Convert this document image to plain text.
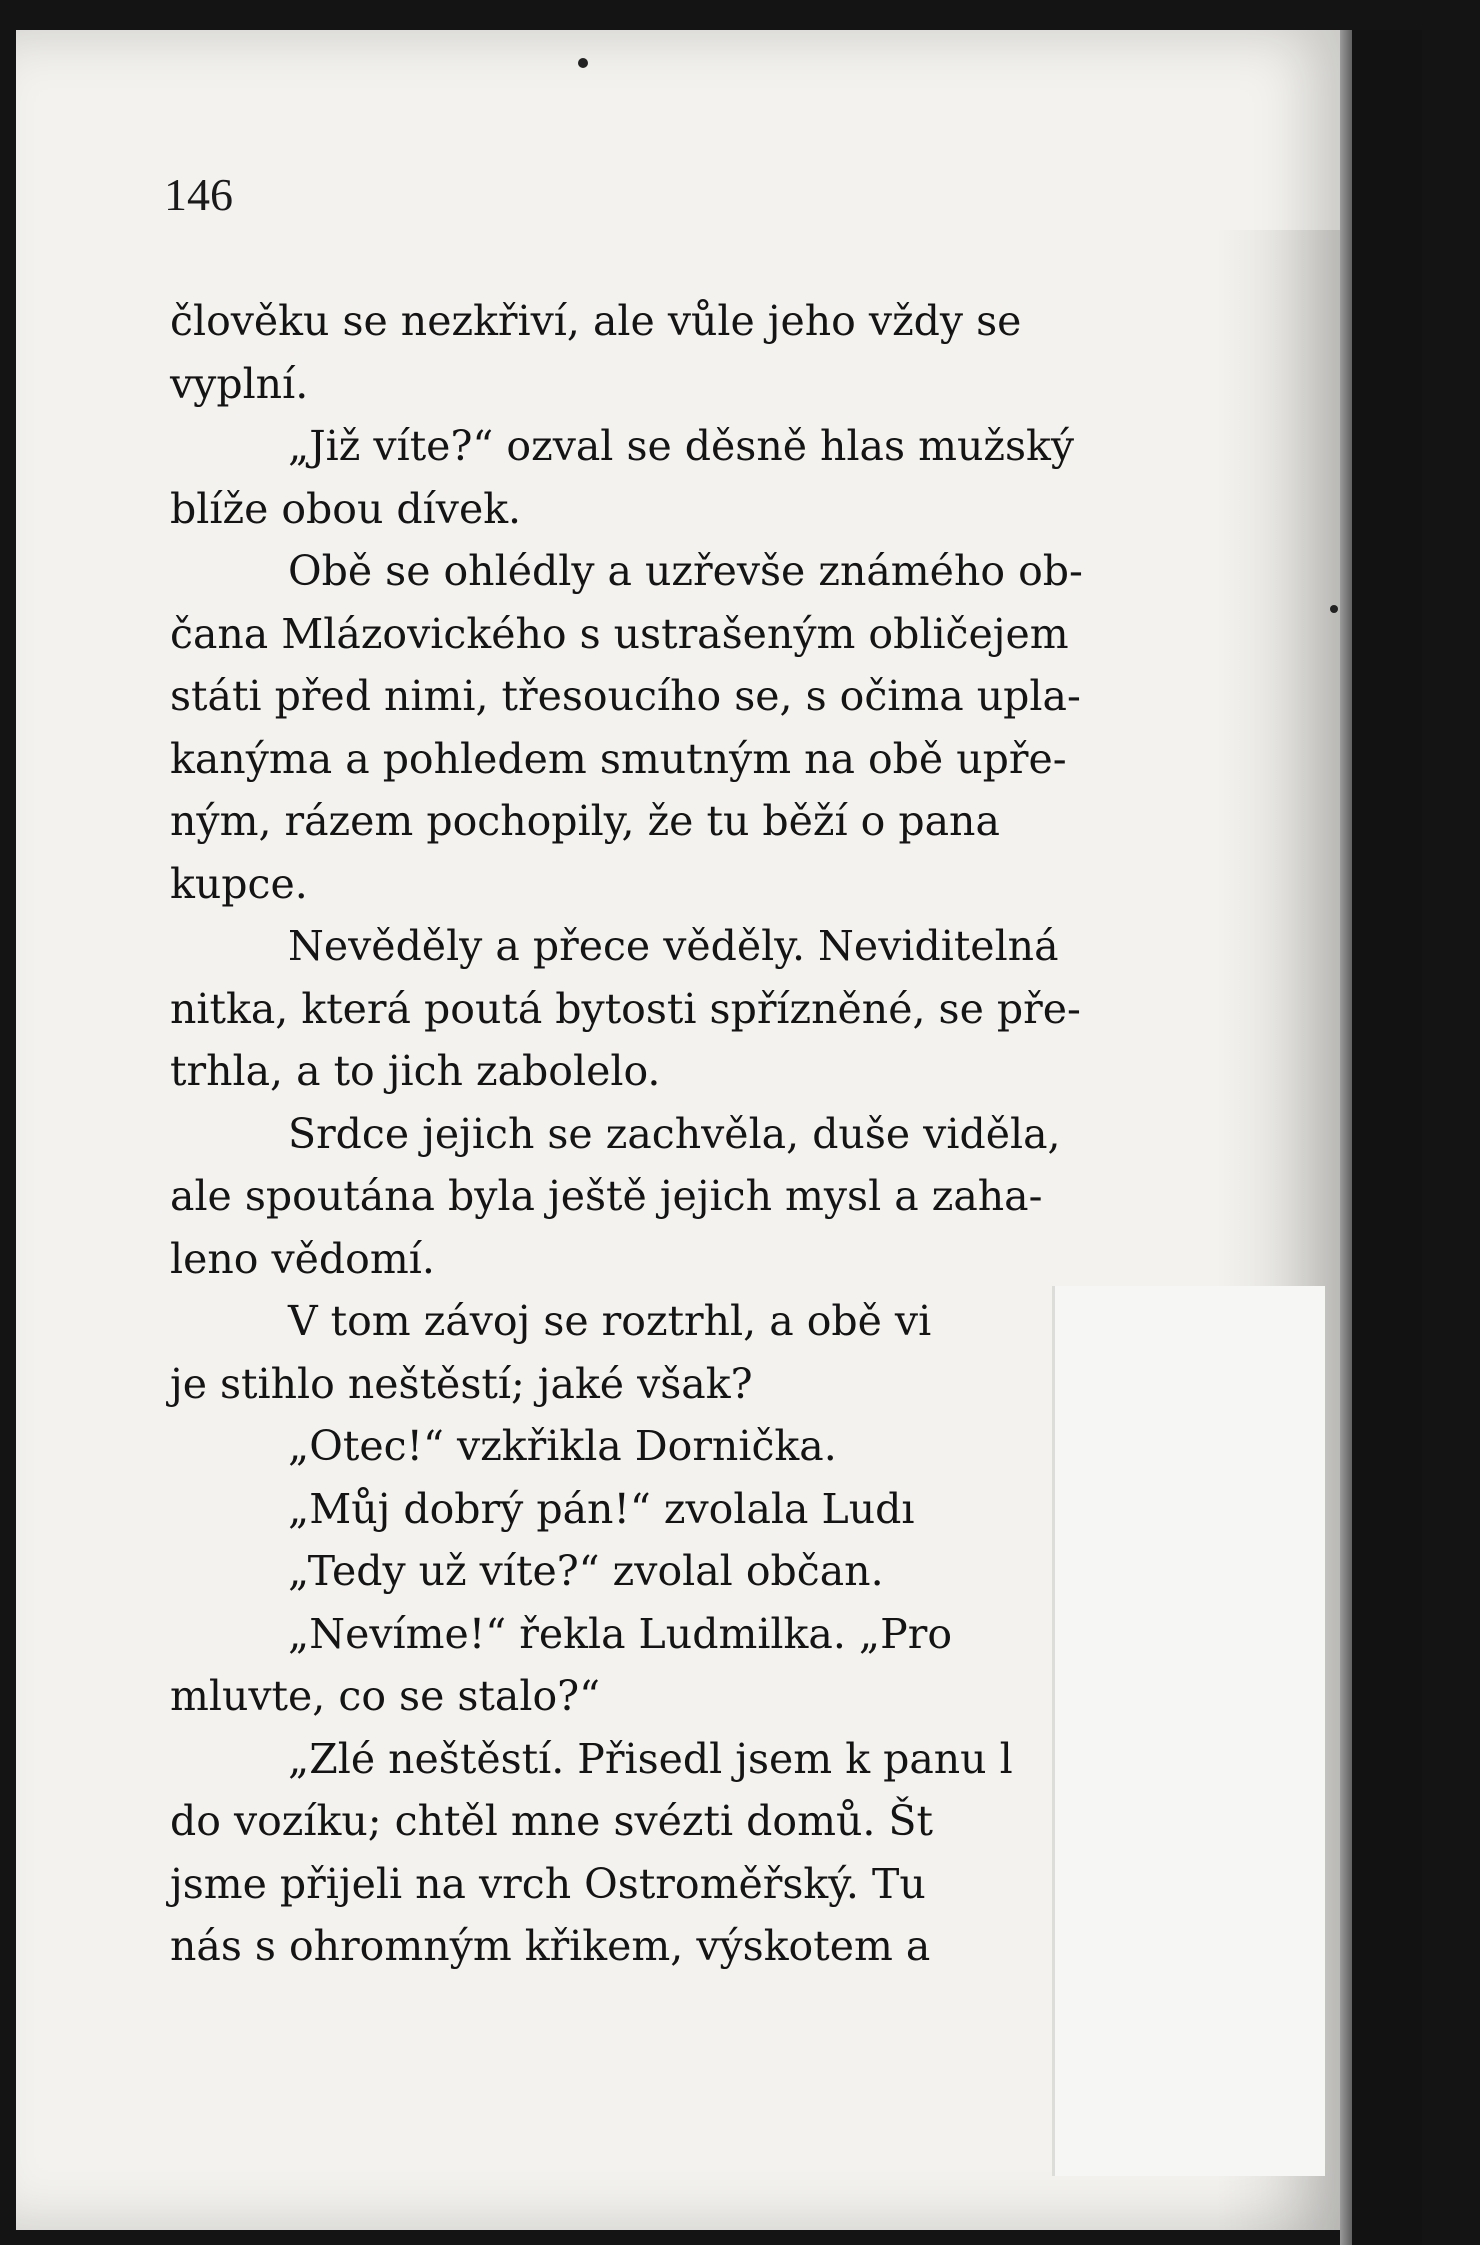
146

člověku se nezkřiví, ale vůle jeho vždy se
vyplní.
„Již víte?“ ozval se děsně hlas mužský
blíže obou dívek.
Obě se ohlédly a uzřevše známého ob-
čana Mlázovického s ustrašeným obličejem
státi před nimi, třesoucího se, s očima upla-
kanýma a pohledem smutným na obě upře-
ným, rázem pochopily, že tu běží o pana
kupce.
Nevěděly a přece věděly. Neviditelná
nitka, která poutá bytosti spřízněné, se pře-
trhla, a to jich zabolelo.
Srdce jejich se zachvěla, duše viděla,
ale spoutána byla ještě jejich mysl a zaha-
leno vědomí.
V tom závoj se roztrhl, a obě vi
je stihlo neštěstí; jaké však?
„Otec!“ vzkřikla Dornička.
„Můj dobrý pán!“ zvolala Ludı
„Tedy už víte?“ zvolal občan.
„Nevíme!“ řekla Ludmilka. „Pro
mluvte, co se stalo?“
„Zlé neštěstí. Přisedl jsem k panu l
do vozíku; chtěl mne svézti domů. Št
jsme přijeli na vrch Ostroměřský. Tu
nás s ohromným křikem, výskotem a
